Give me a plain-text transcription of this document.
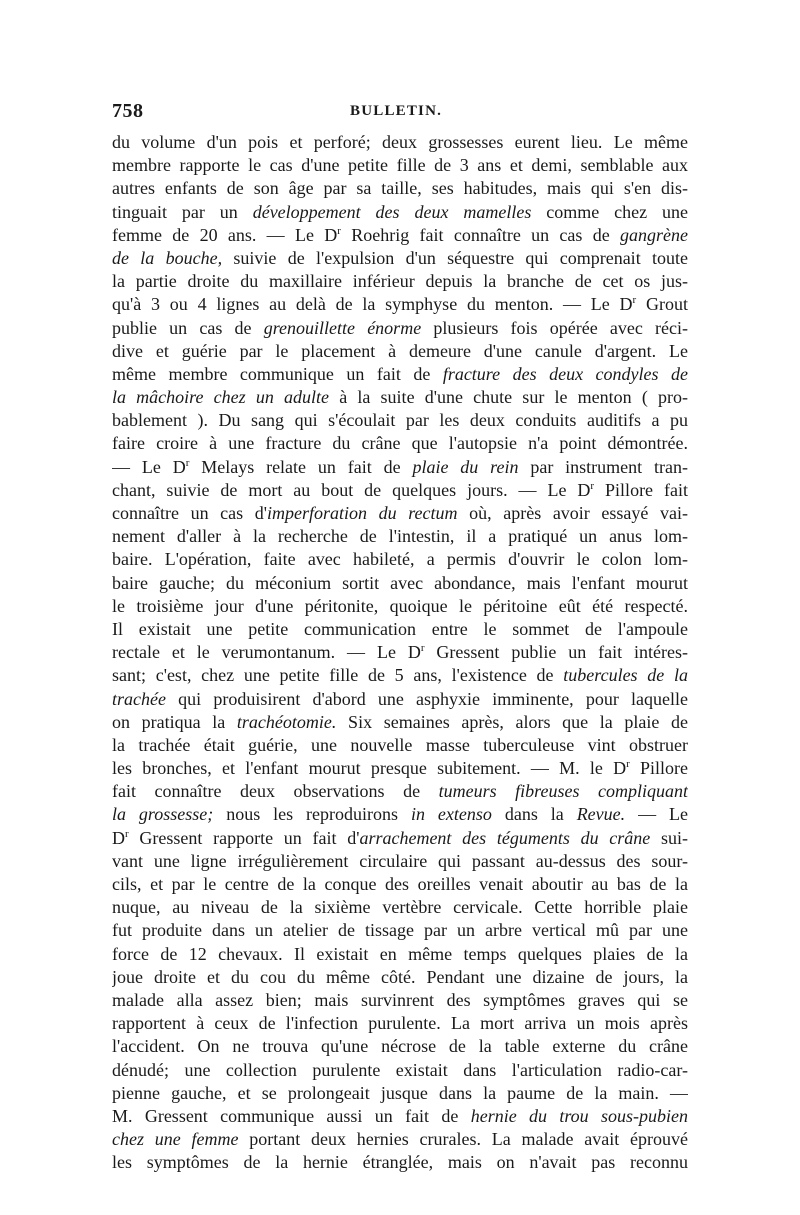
758	BULLETIN.
du volume d'un pois et perforé; deux grossesses eurent lieu. Le même
membre rapporte le cas d'une petite fille de 3 ans et demi, semblable aux
autres enfants de son âge par sa taille, ses habitudes, mais qui s'en dis-
tinguait par un développement des deux mamelles comme chez une
femme de 20 ans. — Le $D^r$ Roehrig fait connaître un cas de gangrène
de la bouche, suivie de l'expulsion d'un séquestre qui comprenait toute
la partie droite du maxillaire inférieur depuis la branche de cet os jus-
qu'à 3 ou 4 lignes au delà de la symphyse du menton. — Le $D^r$ Grout
publie un cas de grenouillette énorme plusieurs fois opérée avec réci-
dive et guérie par le placement à demeure d'une canule d'argent. Le
même membre communique un fait de fracture des deux condyles de
la mâchoire chez un adulte à la suite d'une chute sur le menton ( pro-
bablement ). Du sang qui s'écoulait par les deux conduits auditifs a pu
faire croire à une fracture du crâne que l'autopsie n'a point démontrée.
— Le $D^r$ Melays relate un fait de plaie du rein par instrument tran-
chant, suivie de mort au bout de quelques jours. — Le $D^r$ Pillore fait
connaître un cas d'imperforation du rectum où, après avoir essayé vai-
nement d'aller à la recherche de l'intestin, il a pratiqué un anus lom-
baire. L'opération, faite avec habileté, a permis d'ouvrir le colon lom-
baire gauche; du méconium sortit avec abondance, mais l'enfant mourut
le troisième jour d'une péritonite, quoique le péritoine eût été respecté.
Il existait une petite communication entre le sommet de l'ampoule
rectale et le verumontanum. — Le $D^r$ Gressent publie un fait intéres-
sant; c'est, chez une petite fille de 5 ans, l'existence de tubercules de la
trachée qui produisirent d'abord une asphyxie imminente, pour laquelle
on pratiqua la trachéotomie. Six semaines après, alors que la plaie de
la trachée était guérie, une nouvelle masse tuberculeuse vint obstruer
les bronches, et l'enfant mourut presque subitement. — M. le $D^r$ Pillore
fait connaître deux observations de tumeurs fibreuses compliquant
la grossesse; nous les reproduirons in extenso dans la Revue. — Le
$D^r$ Gressent rapporte un fait d'arrachement des téguments du crâne sui-
vant une ligne irrégulièrement circulaire qui passant au-dessus des sour-
cils, et par le centre de la conque des oreilles venait aboutir au bas de la
nuque, au niveau de la sixième vertèbre cervicale. Cette horrible plaie
fut produite dans un atelier de tissage par un arbre vertical mû par une
force de 12 chevaux. Il existait en même temps quelques plaies de la
joue droite et du cou du même côté. Pendant une dizaine de jours, la
malade alla assez bien; mais survinrent des symptômes graves qui se
rapportent à ceux de l'infection purulente. La mort arriva un mois après
l'accident. On ne trouva qu'une nécrose de la table externe du crâne
dénudé; une collection purulente existait dans l'articulation radio-car-
pienne gauche, et se prolongeait jusque dans la paume de la main. —
M. Gressent communique aussi un fait de hernie du trou sous-pubien
chez une femme portant deux hernies crurales. La malade avait éprouvé
les symptômes de la hernie étranglée, mais on n'avait pas reconnu
